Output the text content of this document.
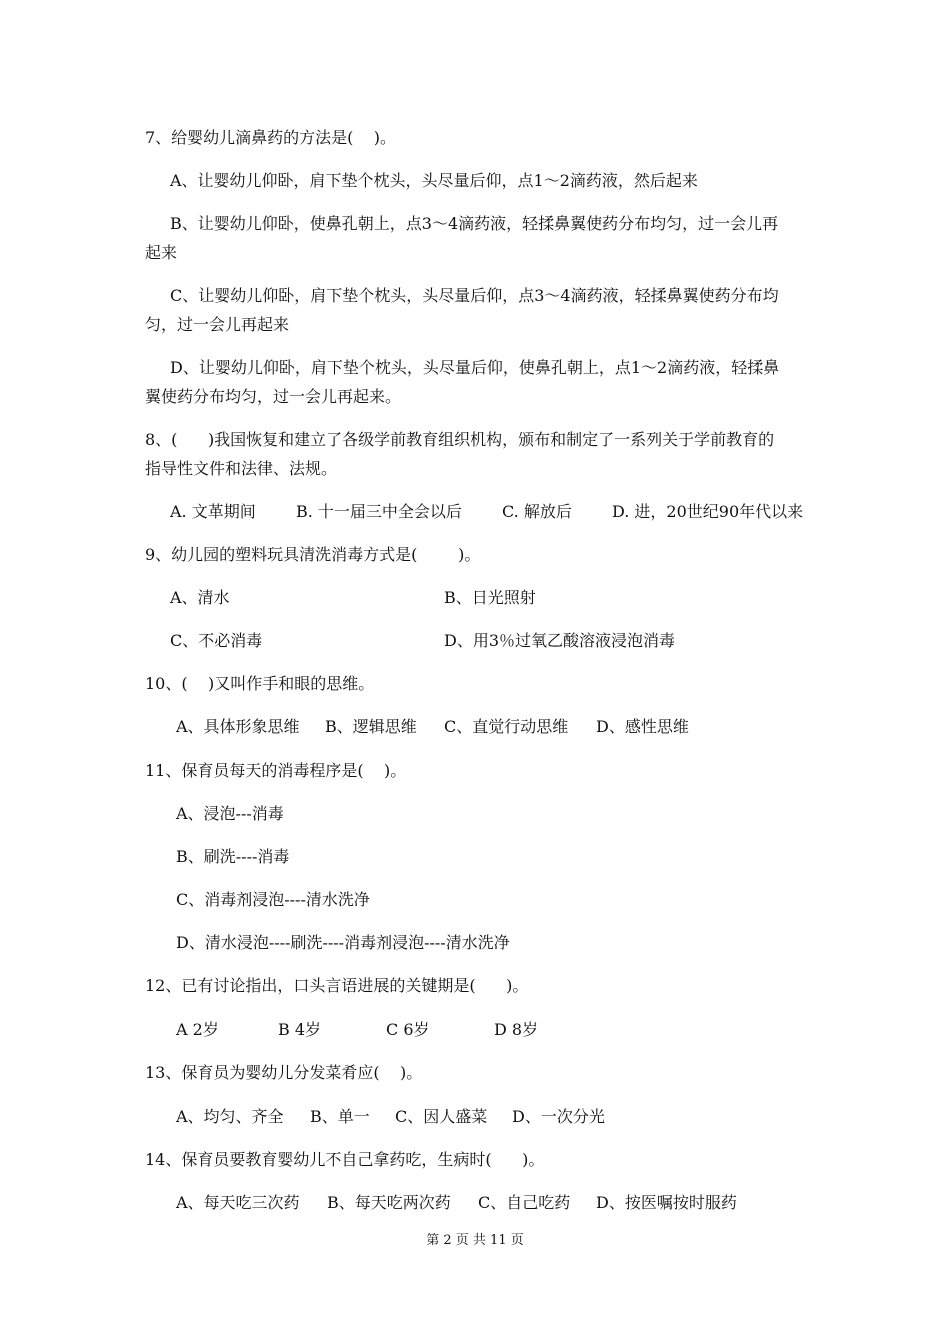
7、给婴幼儿滴鼻药的方法是(    )。
A、让婴幼儿仰卧，肩下垫个枕头，头尽量后仰，点1～2滴药液，然后起来
B、让婴幼儿仰卧，使鼻孔朝上，点3～4滴药液，轻揉鼻翼使药分布均匀，过一会儿再
起来
C、让婴幼儿仰卧，肩下垫个枕头，头尽量后仰，点3～4滴药液，轻揉鼻翼使药分布均
匀，过一会儿再起来
D、让婴幼儿仰卧，肩下垫个枕头，头尽量后仰，使鼻孔朝上，点1～2滴药液，轻揉鼻
翼使药分布均匀，过一会儿再起来。
8、(      )我国恢复和建立了各级学前教育组织机构，颁布和制定了一系列关于学前教育的
指导性文件和法律、法规。
A. 文革期间	B. 十一届三中全会以后	C. 解放后	D. 进，20世纪90年代以来
9、幼儿园的塑料玩具清洗消毒方式是(        )。
A、清水	B、日光照射
C、不必消毒	D、用3％过氧乙酸溶液浸泡消毒
10、(    )又叫作手和眼的思维。
A、具体形象思维 B、逻辑思维 C、直觉行动思维 D、感性思维
11、保育员每天的消毒程序是(    )。
A、浸泡---消毒
B、刷洗----消毒
C、消毒剂浸泡----清水洗净
D、清水浸泡----刷洗----消毒剂浸泡----清水洗净
12、已有讨论指出，口头言语进展的关键期是(      )。
A 2岁	B 4岁	C 6岁	D 8岁
13、保育员为婴幼儿分发菜肴应(    )。
A、均匀、齐全 B、单一 C、因人盛菜 D、一次分光
14、保育员要教育婴幼儿不自己拿药吃，生病时(      )。
A、每天吃三次药 B、每天吃两次药 C、自己吃药 D、按医嘱按时服药
第 2 页 共 11 页
